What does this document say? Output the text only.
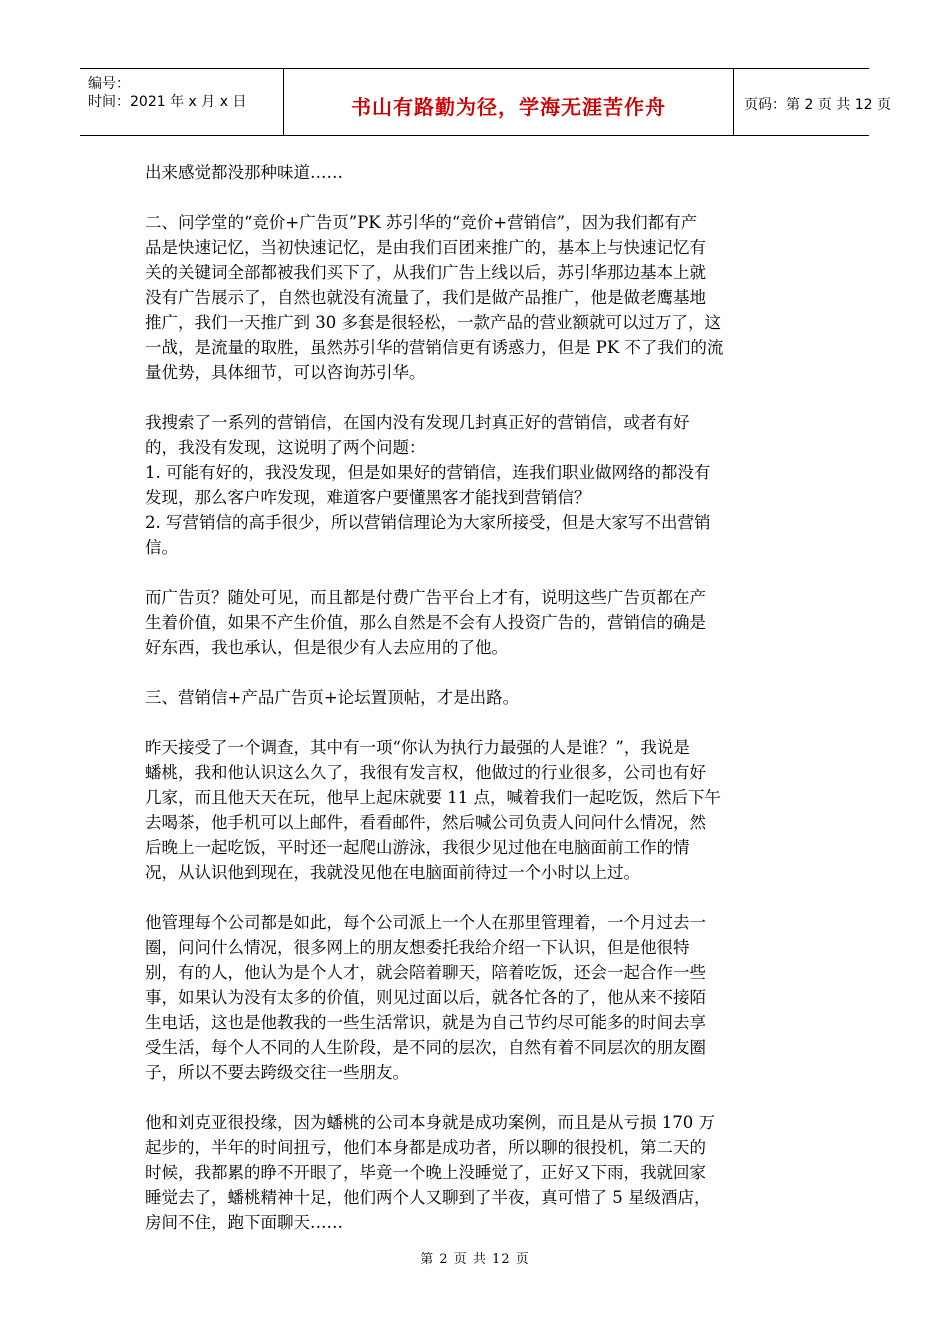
编号：
时间：2021 年 x 月 x 日	书山有路勤为径，学海无涯苦作舟	页码：第 2 页 共 12 页

出来感觉都没那种味道……

二、问学堂的“竞价+广告页”PK 苏引华的“竞价+营销信”，因为我们都有产
品是快速记忆，当初快速记忆，是由我们百团来推广的，基本上与快速记忆有
关的关键词全部都被我们买下了，从我们广告上线以后，苏引华那边基本上就
没有广告展示了，自然也就没有流量了，我们是做产品推广，他是做老鹰基地
推广，我们一天推广到 30 多套是很轻松，一款产品的营业额就可以过万了，这
一战，是流量的取胜，虽然苏引华的营销信更有诱惑力，但是 PK 不了我们的流
量优势，具体细节，可以咨询苏引华。

我搜索了一系列的营销信，在国内没有发现几封真正好的营销信，或者有好
的，我没有发现，这说明了两个问题：
1. 可能有好的，我没发现，但是如果好的营销信，连我们职业做网络的都没有
发现，那么客户咋发现，难道客户要懂黑客才能找到营销信？
2. 写营销信的高手很少，所以营销信理论为大家所接受，但是大家写不出营销
信。

而广告页？随处可见，而且都是付费广告平台上才有，说明这些广告页都在产
生着价值，如果不产生价值，那么自然是不会有人投资广告的，营销信的确是
好东西，我也承认，但是很少有人去应用的了他。

三、营销信+产品广告页+论坛置顶帖，才是出路。

昨天接受了一个调查，其中有一项“你认为执行力最强的人是谁？”，我说是
蟠桃，我和他认识这么久了，我很有发言权，他做过的行业很多，公司也有好
几家，而且他天天在玩，他早上起床就要 11 点，喊着我们一起吃饭，然后下午
去喝茶，他手机可以上邮件，看看邮件，然后喊公司负责人问问什么情况，然
后晚上一起吃饭，平时还一起爬山游泳，我很少见过他在电脑面前工作的情
况，从认识他到现在，我就没见他在电脑面前待过一个小时以上过。

他管理每个公司都是如此，每个公司派上一个人在那里管理着，一个月过去一
圈，问问什么情况，很多网上的朋友想委托我给介绍一下认识，但是他很特
别，有的人，他认为是个人才，就会陪着聊天，陪着吃饭，还会一起合作一些
事，如果认为没有太多的价值，则见过面以后，就各忙各的了，他从来不接陌
生电话，这也是他教我的一些生活常识，就是为自己节约尽可能多的时间去享
受生活，每个人不同的人生阶段，是不同的层次，自然有着不同层次的朋友圈
子，所以不要去跨级交往一些朋友。

他和刘克亚很投缘，因为蟠桃的公司本身就是成功案例，而且是从亏损 170 万
起步的，半年的时间扭亏，他们本身都是成功者，所以聊的很投机，第二天的
时候，我都累的睁不开眼了，毕竟一个晚上没睡觉了，正好又下雨，我就回家
睡觉去了，蟠桃精神十足，他们两个人又聊到了半夜，真可惜了 5 星级酒店，
房间不住，跑下面聊天……

第 2 页 共 12 页
